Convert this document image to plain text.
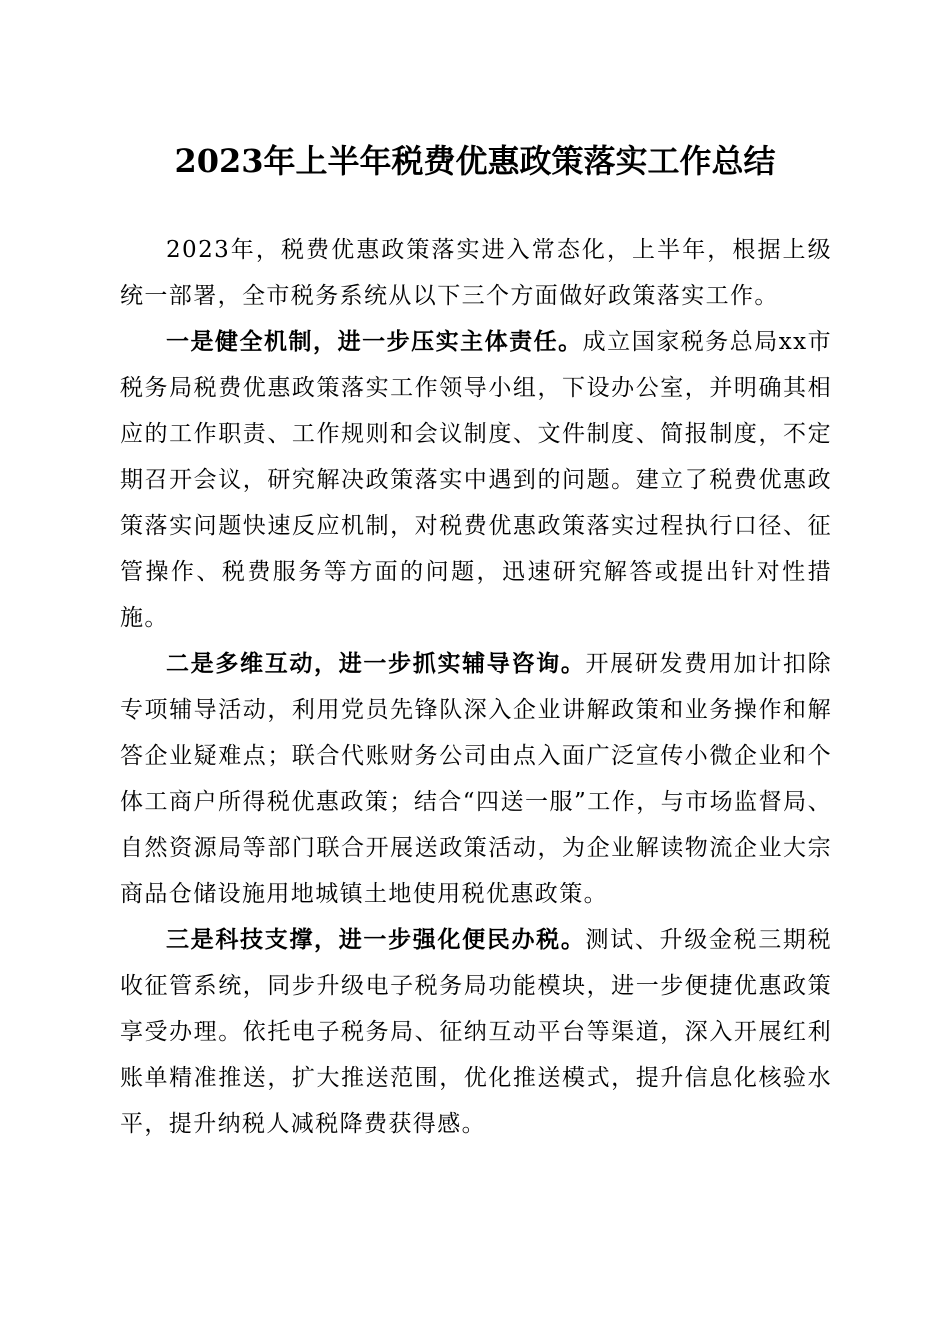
2023年上半年税费优惠政策落实工作总结

2023年，税费优惠政策落实进入常态化，上半年，根据上级统一部署，全市税务系统从以下三个方面做好政策落实工作。

一是健全机制，进一步压实主体责任。成立国家税务总局xx市税务局税费优惠政策落实工作领导小组，下设办公室，并明确其相应的工作职责、工作规则和会议制度、文件制度、简报制度，不定期召开会议，研究解决政策落实中遇到的问题。建立了税费优惠政策落实问题快速反应机制，对税费优惠政策落实过程执行口径、征管操作、税费服务等方面的问题，迅速研究解答或提出针对性措施。

二是多维互动，进一步抓实辅导咨询。开展研发费用加计扣除专项辅导活动，利用党员先锋队深入企业讲解政策和业务操作和解答企业疑难点；联合代账财务公司由点入面广泛宣传小微企业和个体工商户所得税优惠政策；结合“四送一服”工作，与市场监督局、自然资源局等部门联合开展送政策活动，为企业解读物流企业大宗商品仓储设施用地城镇土地使用税优惠政策。

三是科技支撑，进一步强化便民办税。测试、升级金税三期税收征管系统，同步升级电子税务局功能模块，进一步便捷优惠政策享受办理。依托电子税务局、征纳互动平台等渠道，深入开展红利账单精准推送，扩大推送范围，优化推送模式，提升信息化核验水平，提升纳税人减税降费获得感。
